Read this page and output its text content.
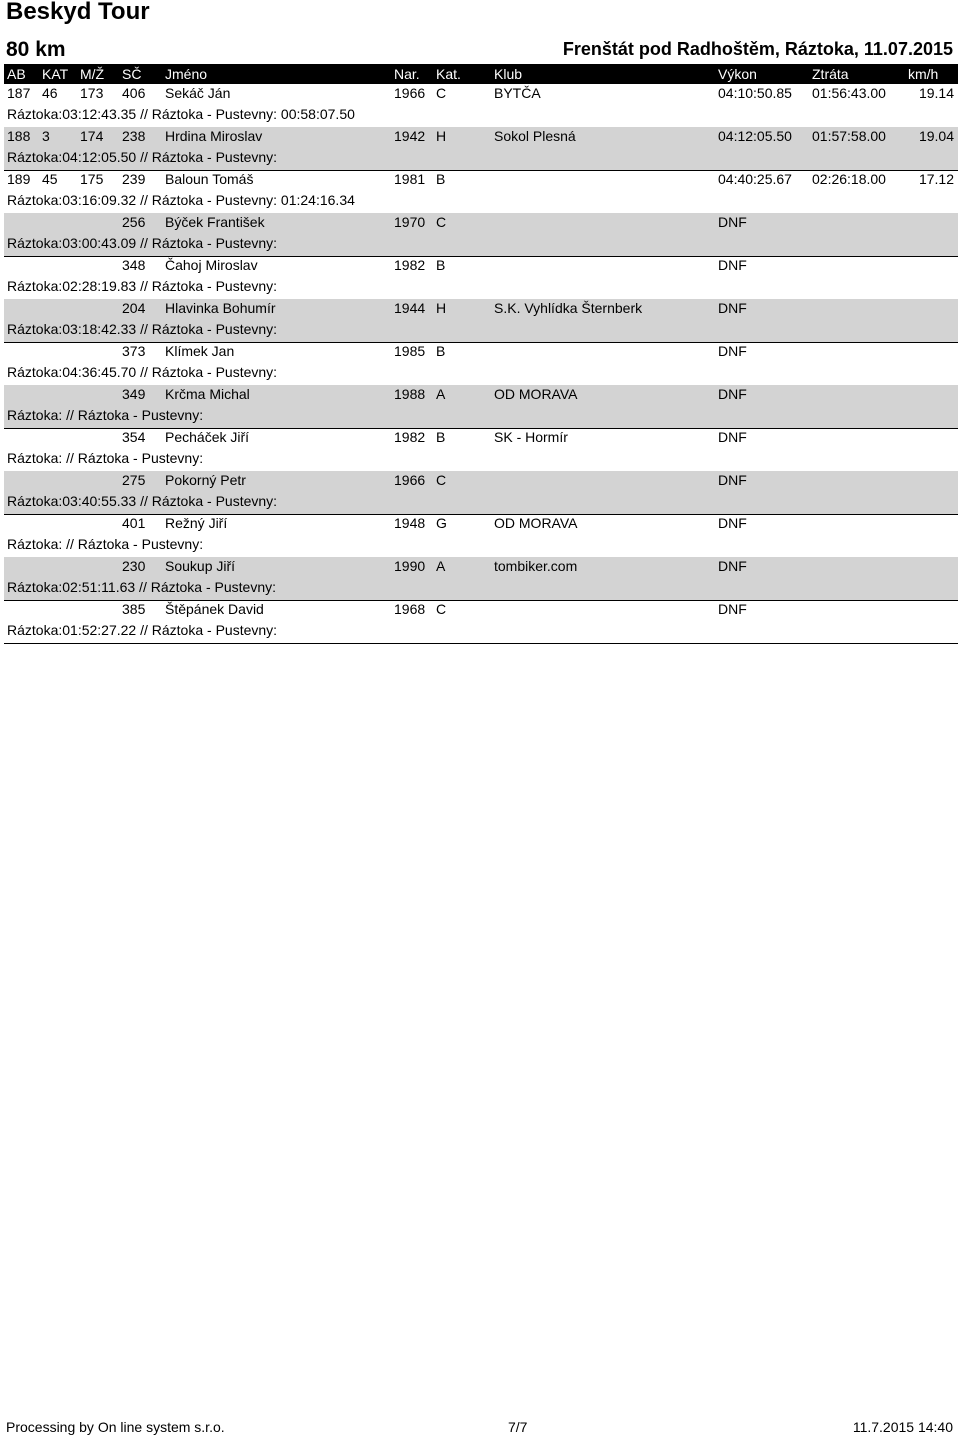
Beskyd Tour
80 km	Frenštát pod Radhoštěm, Ráztoka, 11.07.2015
AB KAT M/Ž SČ Jméno	Nar. Kat. Klub	Výkon	Ztráta	km/h
187 46 173 406 Sekáč Ján	1966 C	BYTČA	04:10:50.85 01:56:43.00 19.14
Ráztoka:03:12:43.35 // Ráztoka - Pustevny: 00:58:07.50
188 3 174 238 Hrdina Miroslav	1942 H	Sokol Plesná	04:12:05.50 01:57:58.00 19.04
Ráztoka:04:12:05.50 // Ráztoka - Pustevny:
189 45 175 239 Baloun Tomáš	1981 B	04:40:25.67 02:26:18.00 17.12
Ráztoka:03:16:09.32 // Ráztoka - Pustevny: 01:24:16.34
256 Býček František	1970 C	DNF
Ráztoka:03:00:43.09 // Ráztoka - Pustevny:
348 Čahoj Miroslav	1982 B	DNF
Ráztoka:02:28:19.83 // Ráztoka - Pustevny:
204 Hlavinka Bohumír	1944 H	S.K. Vyhlídka Šternberk	DNF
Ráztoka:03:18:42.33 // Ráztoka - Pustevny:
373 Klímek Jan	1985 B	DNF
Ráztoka:04:36:45.70 // Ráztoka - Pustevny:
349 Krčma Michal	1988 A	OD MORAVA	DNF
Ráztoka: // Ráztoka - Pustevny:
354 Pecháček Jiří	1982 B	SK - Hormír	DNF
Ráztoka: // Ráztoka - Pustevny:
275 Pokorný Petr	1966 C	DNF
Ráztoka:03:40:55.33 // Ráztoka - Pustevny:
401 Režný Jiří	1948 G	OD MORAVA	DNF
Ráztoka: // Ráztoka - Pustevny:
230 Soukup Jiří	1990 A	tombiker.com	DNF
Ráztoka:02:51:11.63 // Ráztoka - Pustevny:
385 Štěpánek David	1968 C	DNF
Ráztoka:01:52:27.22 // Ráztoka - Pustevny:
Processing by On line system s.r.o.	7/7	11.7.2015 14:40
